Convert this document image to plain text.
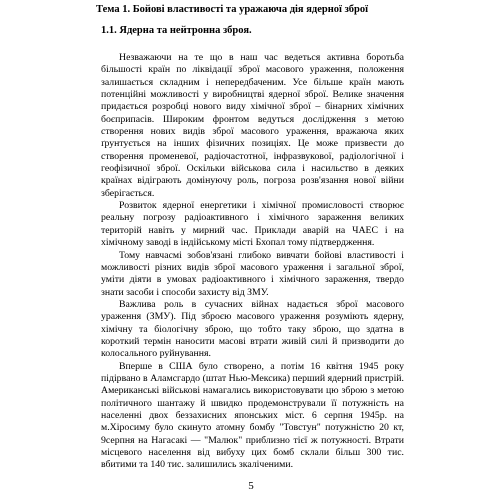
Тема 1. Бойові властивості та уражаюча дія ядерної зброї
1.1. Ядерна та нейтронна зброя.

Незважаючи на те що в наш час ведеться активна боротьба більшості країн по ліквідації зброї масового ураження, положення залишається складним і непередбаченим. Усе більше країн мають потенційні можливості у виробництві ядерної зброї. Велике значення придається розробці нового виду хімічної зброї – бінарних хімічних боєприпасів. Широким фронтом ведуться дослідження з метою створення нових видів зброї масового ураження, вражаюча яких ґрунтується на інших фізичних позиціях. Це може призвести до створення променевої, радіочастотної, інфразвукової, радіологічної і геофізичної зброї. Оскільки військова сила і насильство в деяких країнах відіграють домінуючу роль, погроза розв'язання нової війни зберігається.

Розвиток ядерної енергетики і хімічної промисловості створює реальну погрозу радіоактивного і хімічного зараження великих територій навіть у мирний час. Приклади аварій на ЧАЕС і на хімічному заводі в індійському місті Бхопал тому підтвердження.

Тому навчасмі зобов'язані глибоко вивчати бойові властивості і можливості різних видів зброї масового ураження і загальної зброї, уміти діяти в умовах радіоактивного і хімічного зараження, твердо знати засоби і способи захисту від ЗМУ.

Важлива роль в сучасних війнах надається зброї масового ураження (ЗМУ). Під зброєю масового ураження розуміють ядерну, хімічну та біологічну зброю, що тобто таку зброю, що здатна в короткий термін наносити масові втрати живій силі й призводити до колосального руйнування.

Вперше в США було створено, а потім 16 квітня 1945 року підірвано в Аламсгардо (штат Нью-Мексика) перший ядерний пристрій. Американські військові намагались використовувати цю зброю з метою політичного шантажу й швидко продемонстрували її потужність на населенні двох беззахисних японських міст. 6 серпня 1945р. на м.Хіросиму було скинуто атомну бомбу "Товстун" потужністю 20 кт, 9серпня на Нагасакі — "Малюк" приблизно тієї ж потужності. Втрати місцевого населення від вибуху цих бомб склали більш 300 тис. вбитими та 140 тис. залишились зкаліченими.

5
